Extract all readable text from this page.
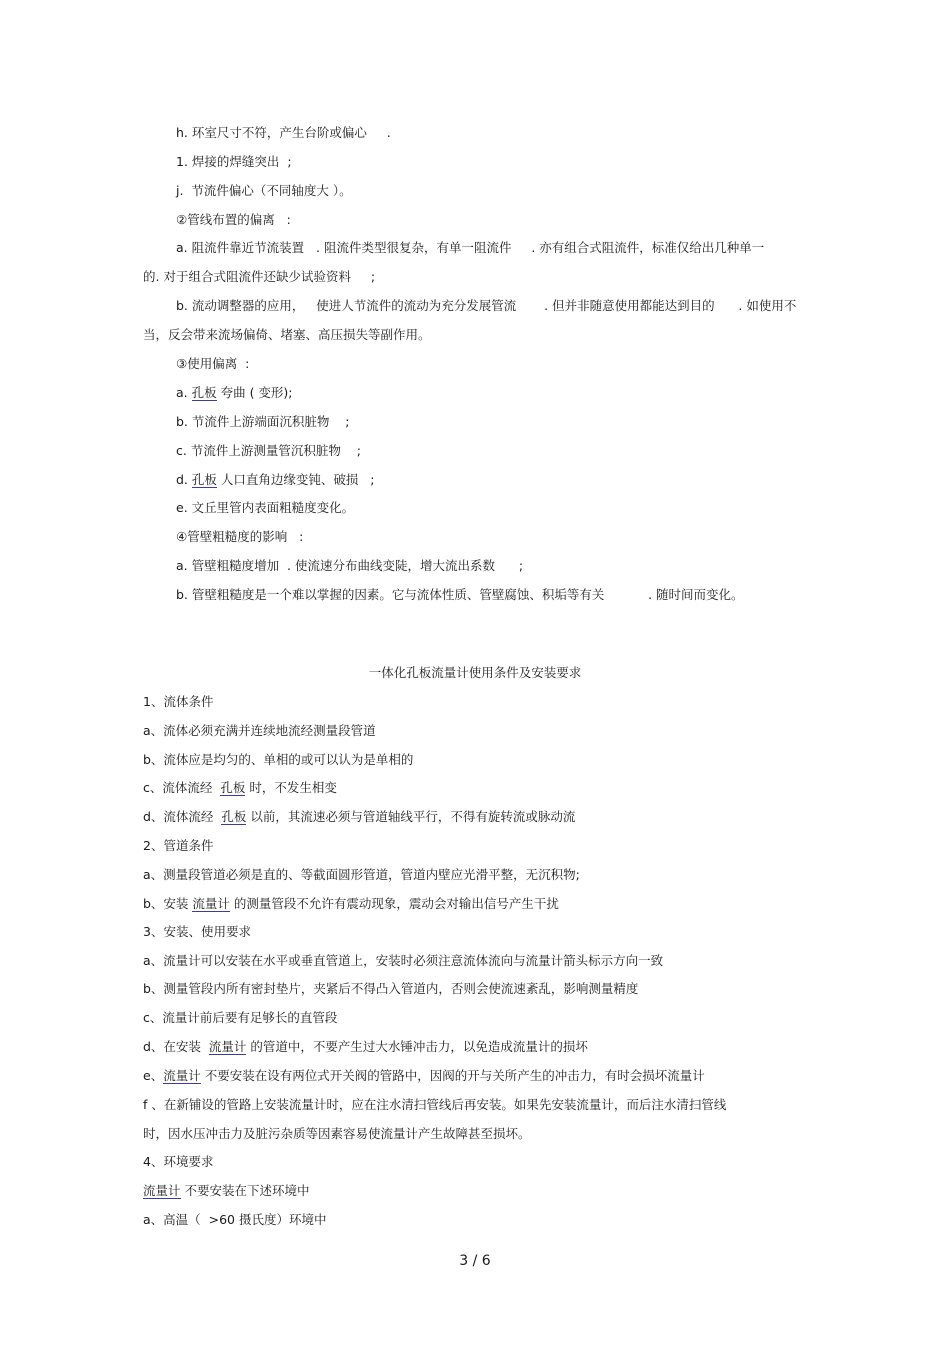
h. 环室尺寸不符，产生台阶或偏心     .
1. 焊接的焊缝突出  ;
j.  节流件偏心（不同轴度大 ）。
②管线布置的偏离   :
a. 阻流件靠近节流装置   . 阻流件类型很复杂，有单一阻流件     . 亦有组合式阻流件，标准仅给出几种单一
的. 对于组合式阻流件还缺少试验资料     ;
b. 流动调整器的应用，   使进人节流件的流动为充分发展管流       . 但并非随意使用都能达到目的      . 如使用不
当，反会带来流场偏倚、堵塞、高压损失等副作用。
③使用偏离  :
a. 孔板 夸曲 ( 变形);
b. 节流件上游端面沉积脏物    ;
c. 节流件上游测量管沉积脏物    ;
d. 孔板 人口直角边缘变钝、破损   ;
e. 文丘里管内表面粗糙度变化。
④管壁粗糙度的影响   :
a. 管壁粗糙度增加  . 使流速分布曲线变陡，增大流出系数      ;
b. 管壁粗糙度是一个难以掌握的因素。它与流体性质、管壁腐蚀、积垢等有关           . 随时间而变化。
一体化孔板流量计使用条件及安装要求
1、流体条件
a、流体必须充满并连续地流经测量段管道
b、流体应是均匀的、单相的或可以认为是单相的
c、流体流经  孔板 时，不发生相变
d、流体流经  孔板 以前，其流速必须与管道轴线平行，不得有旋转流或脉动流
2、管道条件
a、测量段管道必须是直的、等截面圆形管道，管道内壁应光滑平整，无沉积物;
b、安装 流量计 的测量管段不允许有震动现象，震动会对输出信号产生干扰
3、安装、使用要求
a、流量计可以安装在水平或垂直管道上，安装时必须注意流体流向与流量计箭头标示方向一致
b、测量管段内所有密封垫片，夹紧后不得凸入管道内，否则会使流速紊乱，影响测量精度
c、流量计前后要有足够长的直管段
d、在安装  流量计 的管道中，不要产生过大水锤冲击力，以免造成流量计的损坏
e、流量计 不要安装在设有两位式开关阀的管路中，因阀的开与关所产生的冲击力，有时会损坏流量计
f 、在新铺设的管路上安装流量计时，应在注水清扫管线后再安装。如果先安装流量计，而后注水清扫管线
时，因水压冲击力及脏污杂质等因素容易使流量计产生故障甚至损坏。
4、环境要求
流量计 不要安装在下述环境中
a、高温（  >60 摄氏度）环境中
3 / 6
